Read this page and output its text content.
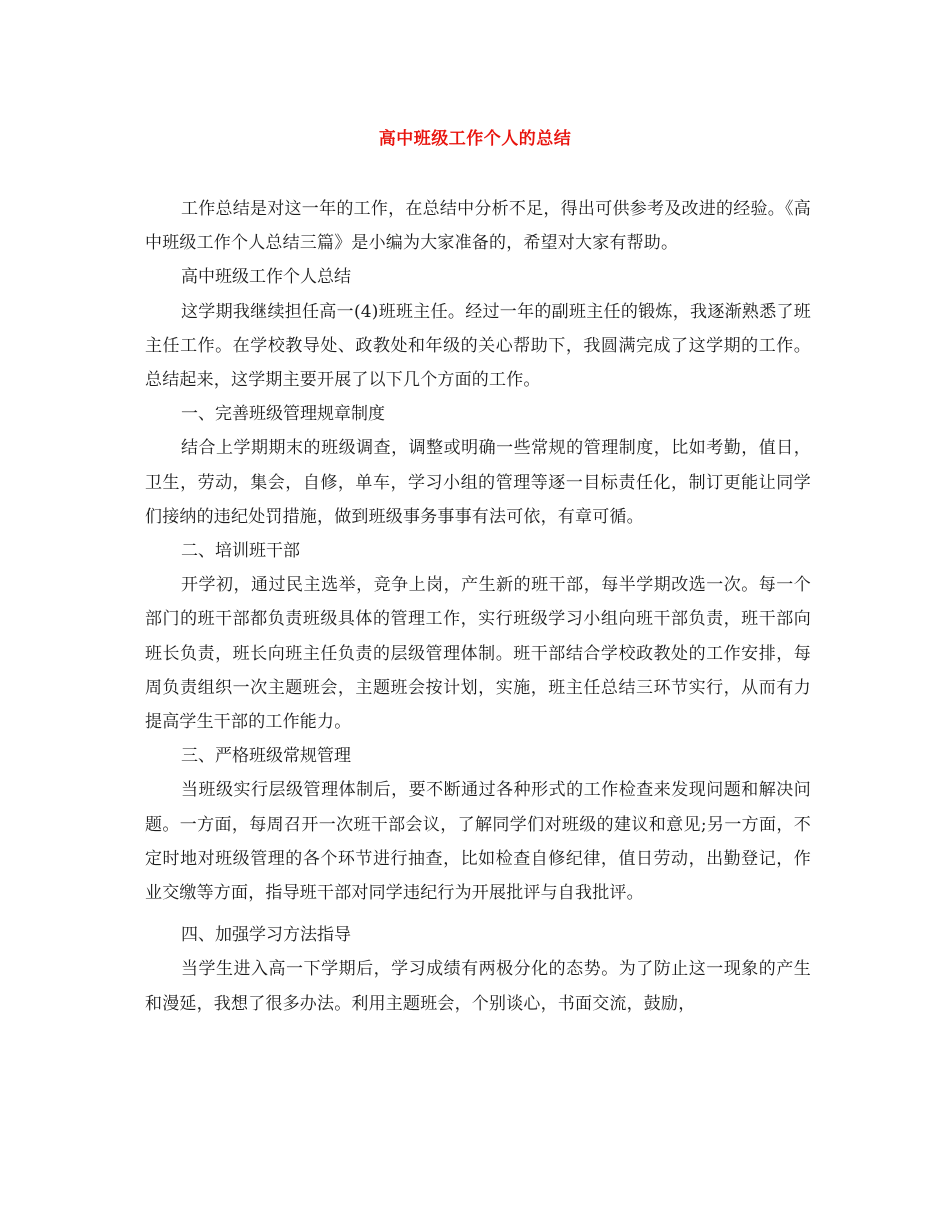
高中班级工作个人的总结

工作总结是对这一年的工作，在总结中分析不足，得出可供参考及改进的经验。《高中班级工作个人总结三篇》是小编为大家准备的，希望对大家有帮助。

高中班级工作个人总结

这学期我继续担任高一(4)班班主任。经过一年的副班主任的锻炼，我逐渐熟悉了班主任工作。在学校教导处、政教处和年级的关心帮助下，我圆满完成了这学期的工作。总结起来，这学期主要开展了以下几个方面的工作。

一、完善班级管理规章制度

结合上学期期末的班级调查，调整或明确一些常规的管理制度，比如考勤，值日，卫生，劳动，集会，自修，单车，学习小组的管理等逐一目标责任化，制订更能让同学们接纳的违纪处罚措施，做到班级事务事事有法可依，有章可循。

二、培训班干部

开学初，通过民主选举，竞争上岗，产生新的班干部，每半学期改选一次。每一个部门的班干部都负责班级具体的管理工作，实行班级学习小组向班干部负责，班干部向班长负责，班长向班主任负责的层级管理体制。班干部结合学校政教处的工作安排，每周负责组织一次主题班会，主题班会按计划，实施，班主任总结三环节实行，从而有力提高学生干部的工作能力。

三、严格班级常规管理

当班级实行层级管理体制后，要不断通过各种形式的工作检查来发现问题和解决问题。一方面，每周召开一次班干部会议，了解同学们对班级的建议和意见;另一方面，不定时地对班级管理的各个环节进行抽查，比如检查自修纪律，值日劳动，出勤登记，作业交缴等方面，指导班干部对同学违纪行为开展批评与自我批评。

四、加强学习方法指导

当学生进入高一下学期后，学习成绩有两极分化的态势。为了防止这一现象的产生和漫延，我想了很多办法。利用主题班会，个别谈心，书面交流，鼓励，
